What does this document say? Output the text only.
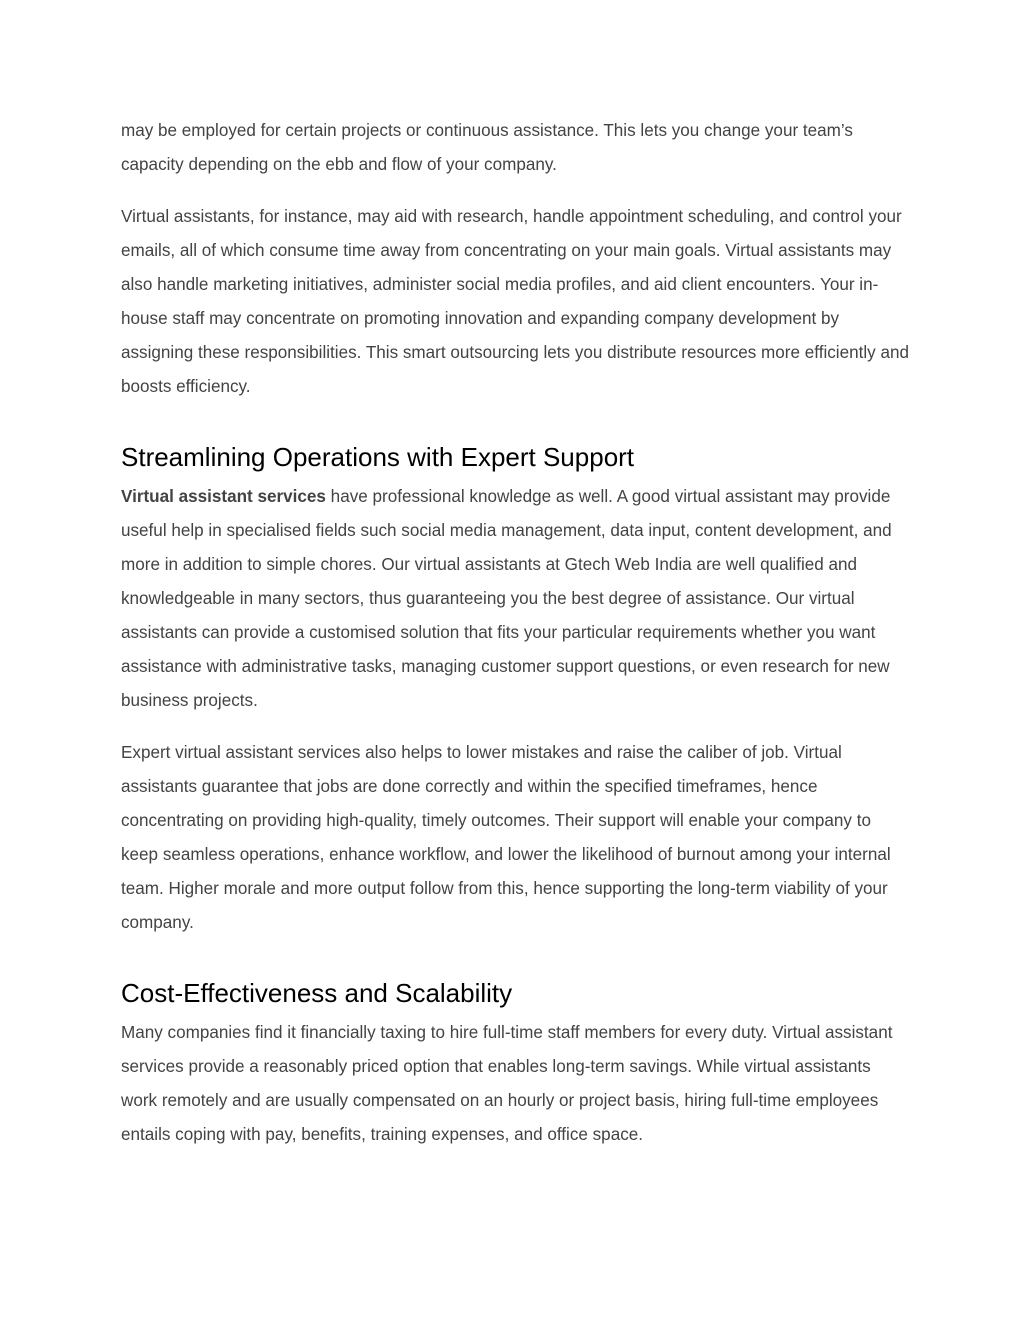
may be employed for certain projects or continuous assistance. This lets you change your team’s capacity depending on the ebb and flow of your company.

Virtual assistants, for instance, may aid with research, handle appointment scheduling, and control your emails, all of which consume time away from concentrating on your main goals. Virtual assistants may also handle marketing initiatives, administer social media profiles, and aid client encounters. Your in-house staff may concentrate on promoting innovation and expanding company development by assigning these responsibilities. This smart outsourcing lets you distribute resources more efficiently and boosts efficiency.

Streamlining Operations with Expert Support

Virtual assistant services have professional knowledge as well. A good virtual assistant may provide useful help in specialised fields such social media management, data input, content development, and more in addition to simple chores. Our virtual assistants at Gtech Web India are well qualified and knowledgeable in many sectors, thus guaranteeing you the best degree of assistance. Our virtual assistants can provide a customised solution that fits your particular requirements whether you want assistance with administrative tasks, managing customer support questions, or even research for new business projects.

Expert virtual assistant services also helps to lower mistakes and raise the caliber of job. Virtual assistants guarantee that jobs are done correctly and within the specified timeframes, hence concentrating on providing high-quality, timely outcomes. Their support will enable your company to keep seamless operations, enhance workflow, and lower the likelihood of burnout among your internal team. Higher morale and more output follow from this, hence supporting the long-term viability of your company.

Cost-Effectiveness and Scalability

Many companies find it financially taxing to hire full-time staff members for every duty. Virtual assistant services provide a reasonably priced option that enables long-term savings. While virtual assistants work remotely and are usually compensated on an hourly or project basis, hiring full-time employees entails coping with pay, benefits, training expenses, and office space.
